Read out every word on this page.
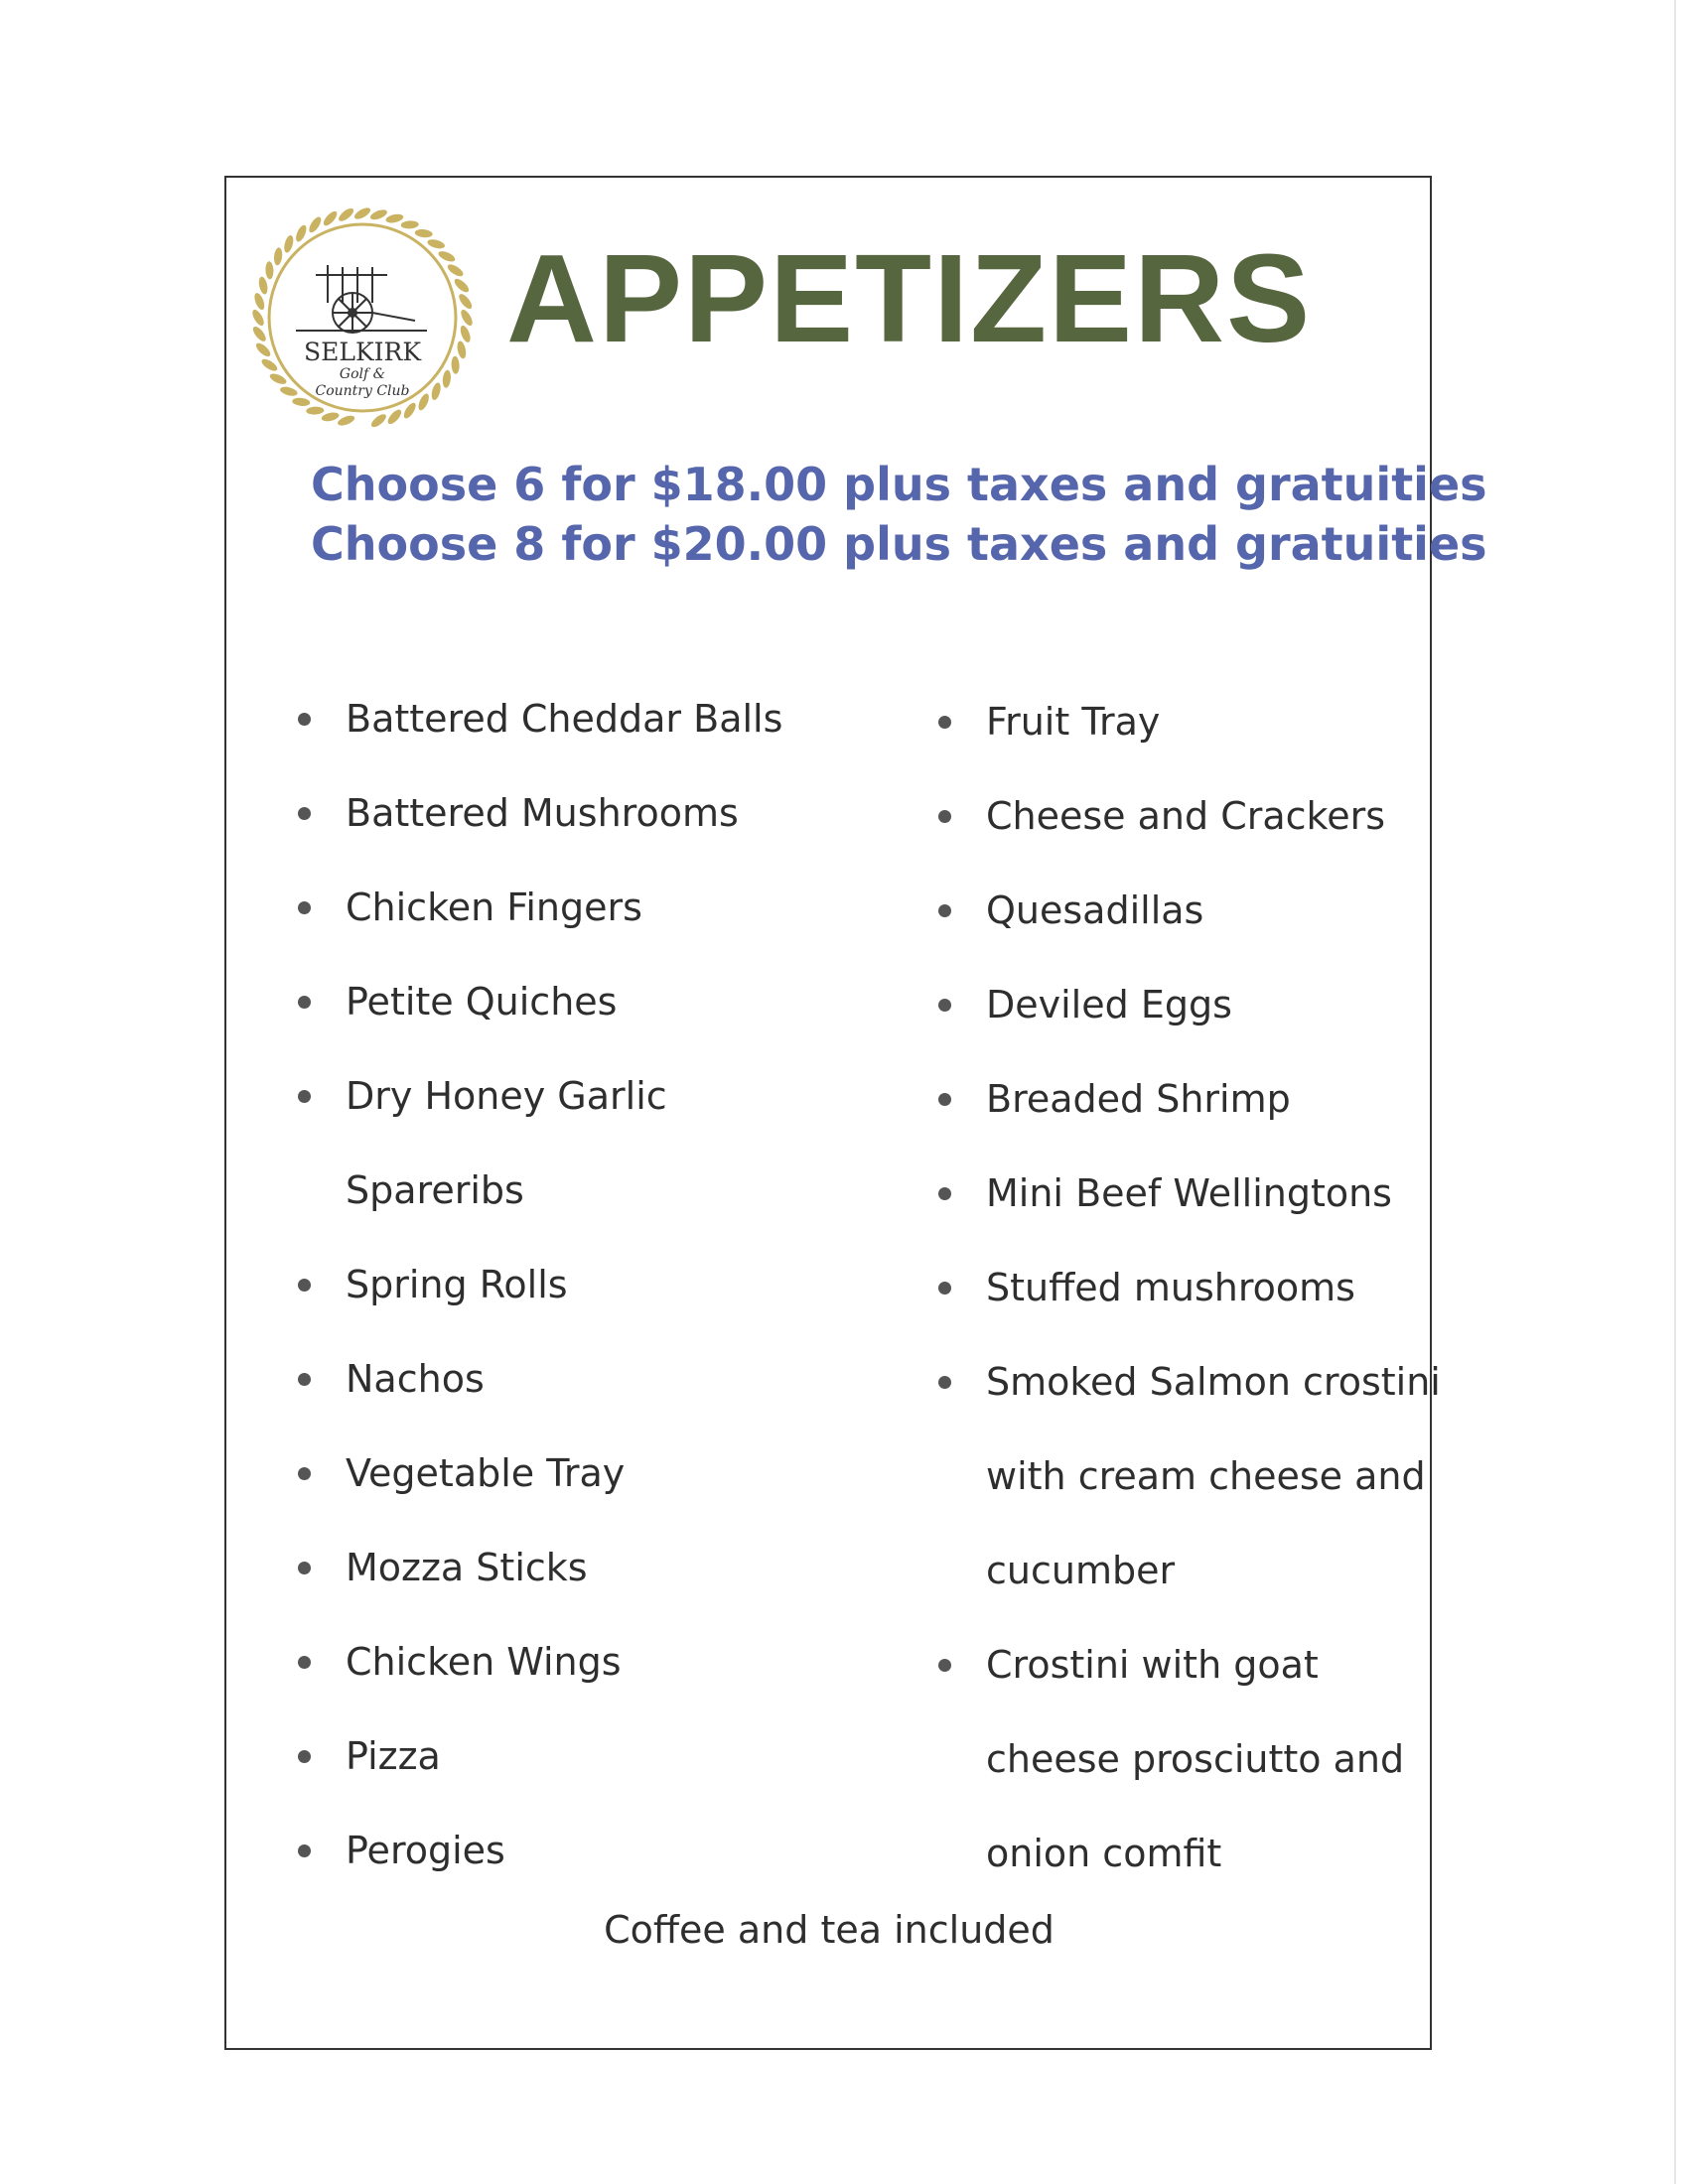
SELKIRK
Golf &
Country Club
APPETIZERS
Choose 6 for $18.00 plus taxes and gratuities
Choose 8 for $20.00 plus taxes and gratuities
Battered Cheddar Balls
Battered Mushrooms
Chicken Fingers
Petite Quiches
Dry Honey Garlic
Spareribs
Spring Rolls
Nachos
Vegetable Tray
Mozza Sticks
Chicken Wings
Pizza
Perogies
Fruit Tray
Cheese and Crackers
Quesadillas
Deviled Eggs
Breaded Shrimp
Mini Beef Wellingtons
Stuffed mushrooms
Smoked Salmon crostini
with cream cheese and
cucumber
Crostini with goat
cheese prosciutto and
onion comfit
Coffee and tea included
